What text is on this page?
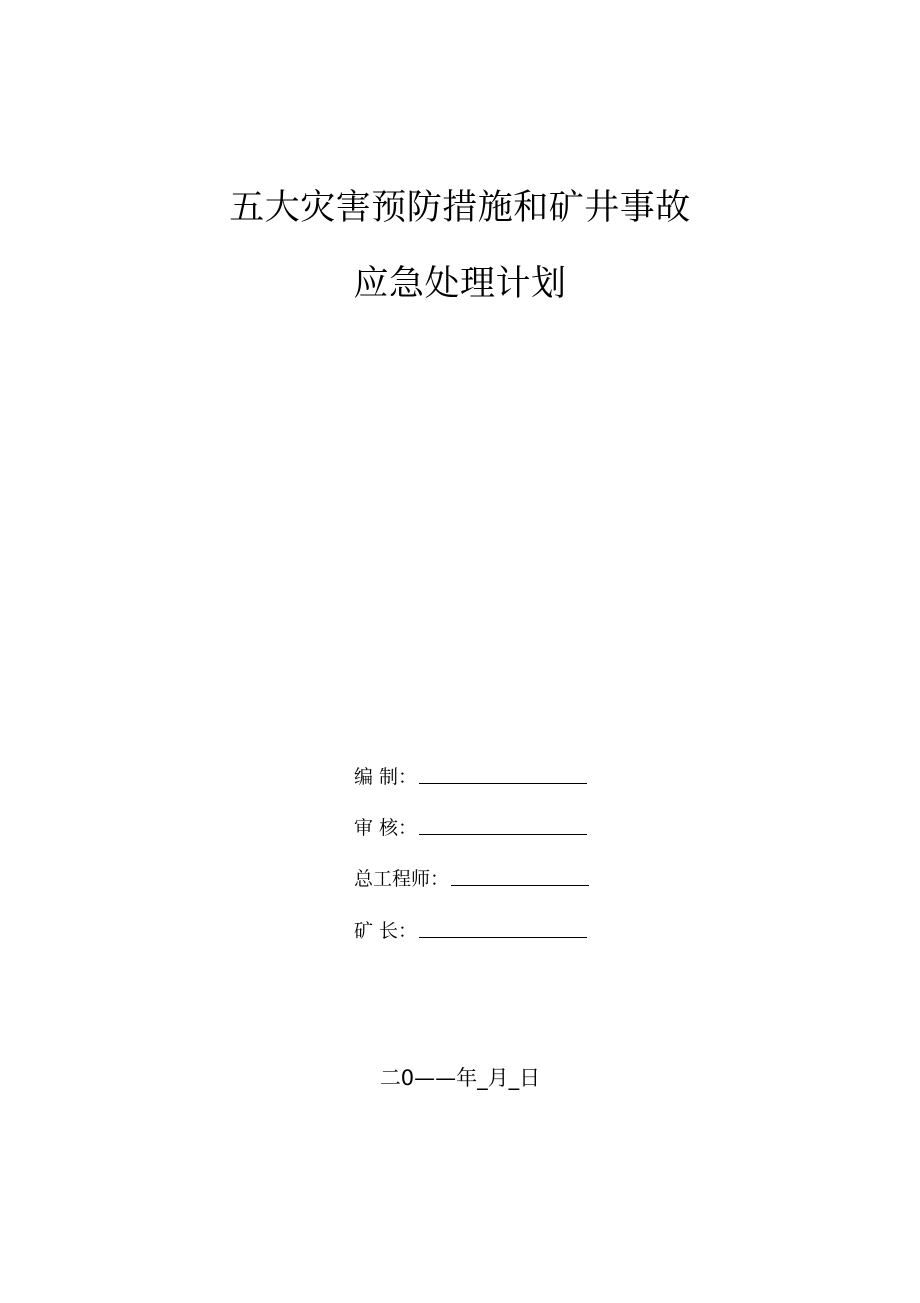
五大灾害预防措施和矿井事故
应急处理计划
编 制：
审 核：
总工程师：
矿 长：
二0——年_月_日
